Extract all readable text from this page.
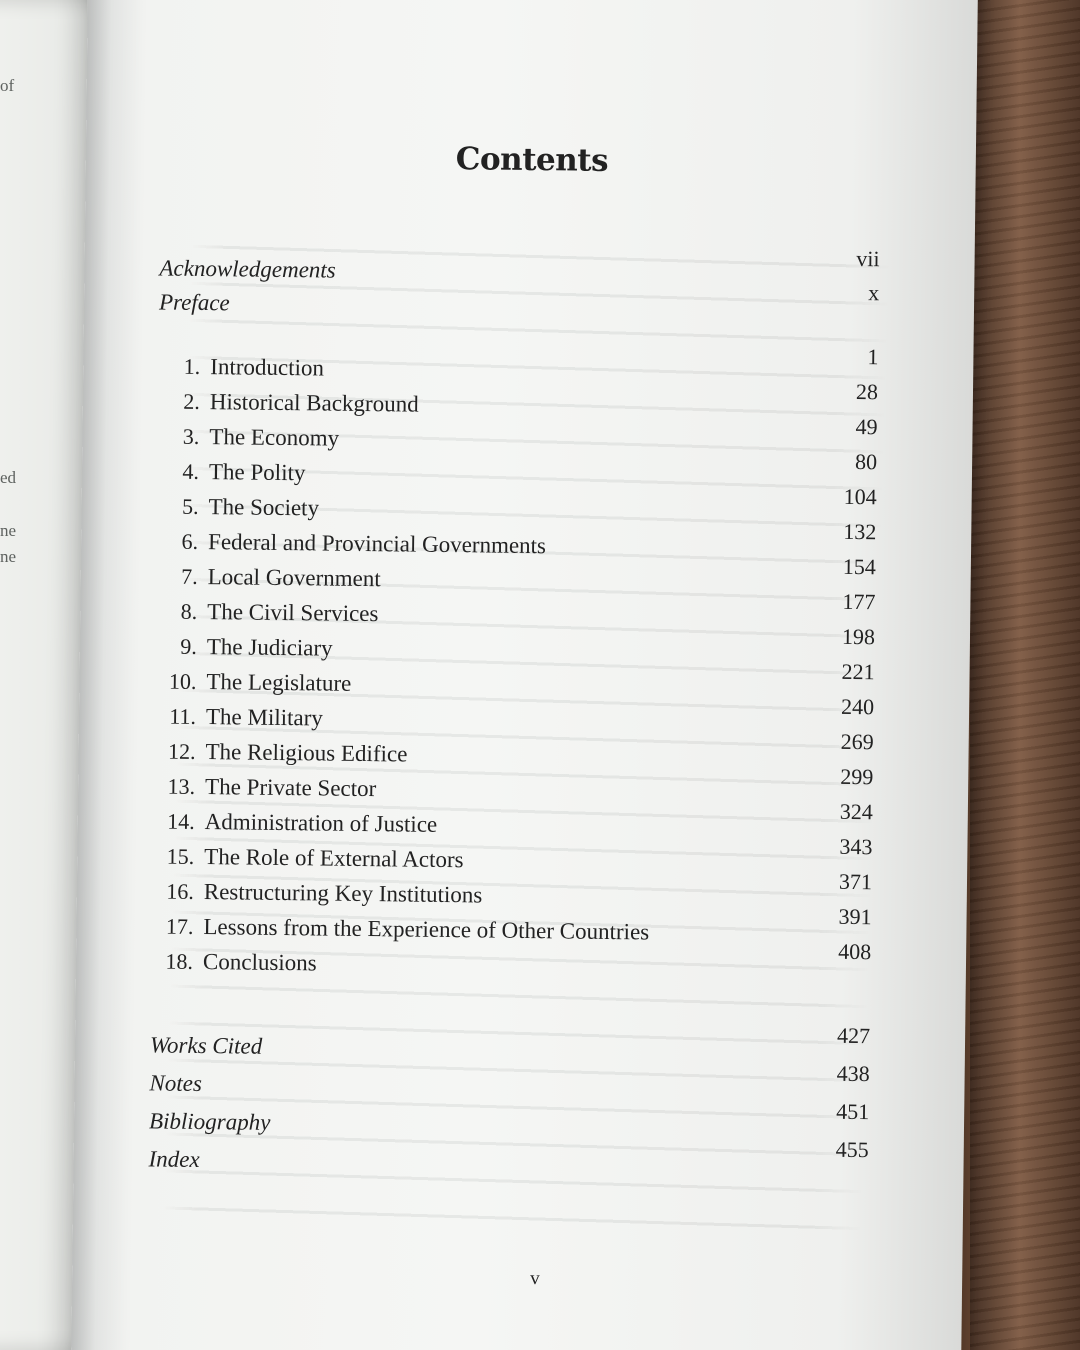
of
ed
ne
ne
Contents
Acknowledgements	vii
Preface	x
1. Introduction	1
2. Historical Background	28
3. The Economy	49
4. The Polity	80
5. The Society	104
6. Federal and Provincial Governments	132
7. Local Government	154
8. The Civil Services	177
9. The Judiciary	198
10. The Legislature	221
11. The Military	240
12. The Religious Edifice	269
13. The Private Sector	299
14. Administration of Justice	324
15. The Role of External Actors	343
16. Restructuring Key Institutions	371
17. Lessons from the Experience of Other Countries	391
18. Conclusions	408
Works Cited	427
Notes	438
Bibliography	451
Index	455
v
